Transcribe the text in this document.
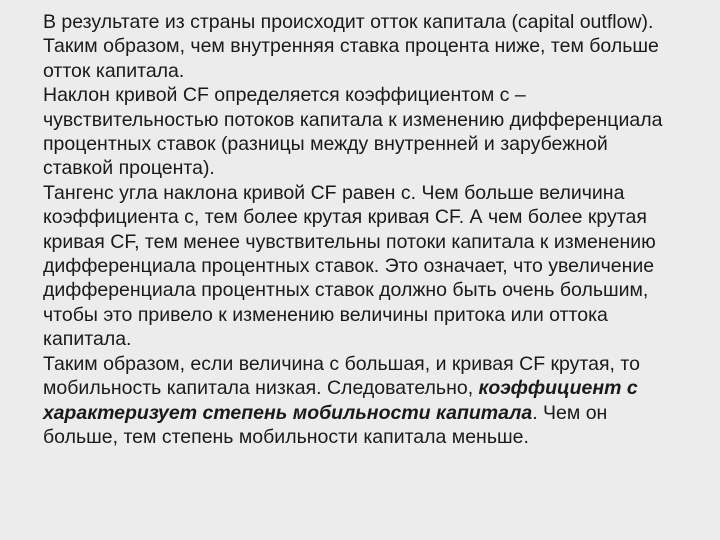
В результате из страны происходит отток капитала (capital outflow). Таким образом, чем внутренняя ставка процента ниже, тем больше отток капитала.

Наклон кривой CF определяется коэффициентом с – чувствительностью потоков капитала к изменению дифференциала процентных ставок (разницы между внутренней и зарубежной ставкой процента).

Тангенс угла наклона кривой CF равен с. Чем больше величина коэффициента с, тем более крутая кривая CF. А чем более крутая кривая CF, тем менее чувствительны потоки капитала к изменению дифференциала процентных ставок. Это означает, что увеличение дифференциала процентных ставок должно быть очень большим, чтобы это привело к изменению величины притока или оттока капитала.

Таким образом, если величина с большая, и кривая CF крутая, то мобильность капитала низкая. Следовательно, коэффициент с характеризует степень мобильности капитала. Чем он больше, тем степень мобильности капитала меньше.
